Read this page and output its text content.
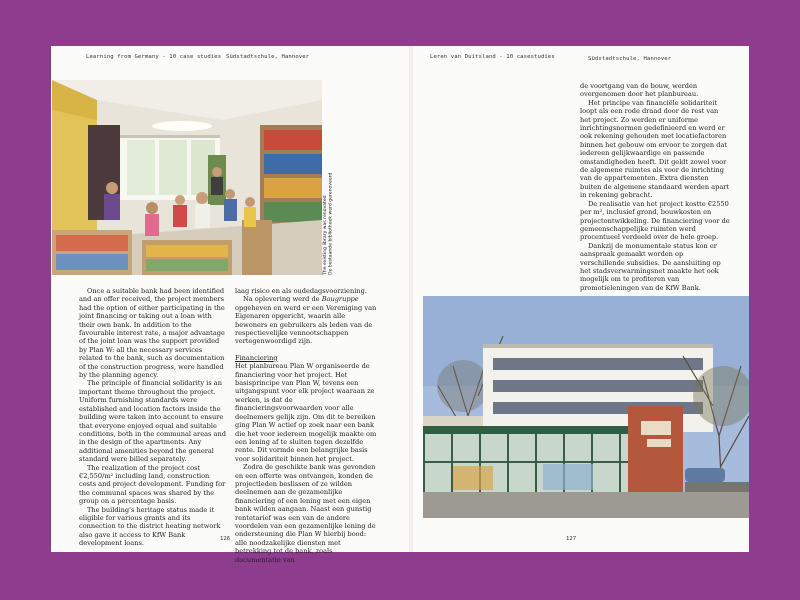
Learning from Germany - 10 case studies Südstadtschule, Hannover
The existing library was renovated
De bestaande bibliotheek werd gerenoveerd

Once a suitable bank had been identified and an offer received, the project members had the option of either participating in the joint financing or taking out a loan with their own bank. In addition to the favourable interest rate, a major advantage of the joint loan was the support provided by Plan W: all the necessary services related to the bank, such as documentation of the construction progress, were handled by the planning agency.

The principle of financial solidarity is an important theme throughout the project. Uniform furnishing standards were established and location factors inside the building were taken into account to ensure that everyone enjoyed equal and suitable conditions, both in the communal areas and in the design of the apartments. Any additional amenities beyond the general standard were billed separately.

The realization of the project cost €2,550/m² including land, construction costs and project development. Funding for the communal spaces was shared by the group on a percentage basis.

The building's heritage status made it eligible for various grants and its connection to the district heating network also gave it access to KfW Bank development loans.

laag risico en als oudedagsvoorziening.

Na oplevering werd de Baugruppe opgeheven en werd er een Vereniging van Eigenaren opgericht, waarin alle bewoners en gebruikers als leden van de respectievelijke vennootschappen vertegenwoordigd zijn.

Financiering

Het planbureau Plan W organiseerde de financiering voor het project. Het basisprincipe van Plan W, tevens een uitgangspunt voor elk project waaraan ze werken, is dat de financieringsvoorwaarden voor alle deelnemers gelijk zijn. Om dit te bereiken ging Plan W actief op zoek naar een bank die het voor iedereen mogelijk maakte om een lening af te sluiten tegen dezelfde rente. Dit vormde een belangrijke basis voor solidariteit binnen het project.

Zodra de geschikte bank was gevonden en een offerte was ontvangen, konden de projectleden beslissen of ze wilden deelnemen aan de gezamenlijke financiering of een lening met een eigen bank wilden aangaan. Naast een gunstig rentetarief was een van de andere voordelen van een gezamenlijke lening de ondersteuning die Plan W hierbij bood: alle noodzakelijke diensten met betrekking tot de bank, zoals documentatie van

126
Leren van Duitsland - 10 casestudies	Südstadtschule, Hannover

de voortgang van de bouw, werden overgenomen door het planbureau.

Het principe van financiële solidariteit loopt als een rode draad door de rest van het project. Zo werden er uniforme inrichtingsnormen gedefinieerd en werd er ook rekening gehouden met locatiefactoren binnen het gebouw om ervoor te zorgen dat iedereen gelijkwaardige en passende omstandigheden heeft. Dit geldt zowel voor de algemene ruimtes als voor de inrichting van de appartementen. Extra diensten buiten de algemene standaard werden apart in rekening gebracht.

De realisatie van het project kostte €2550 per m², inclusief grond, bouwkosten en projectontwikkeling. De financiering voor de gemeenschappelijke ruimten werd procentueel verdeeld over de hele groep.

Dankzij de monumentale status kon er aanspraak gemaakt worden op verschillende subsidies. De aansluiting op het stadsverwarmingsnet maakte het ook mogelijk om te profiteren van promotieleningen van de KfW Bank.

127
